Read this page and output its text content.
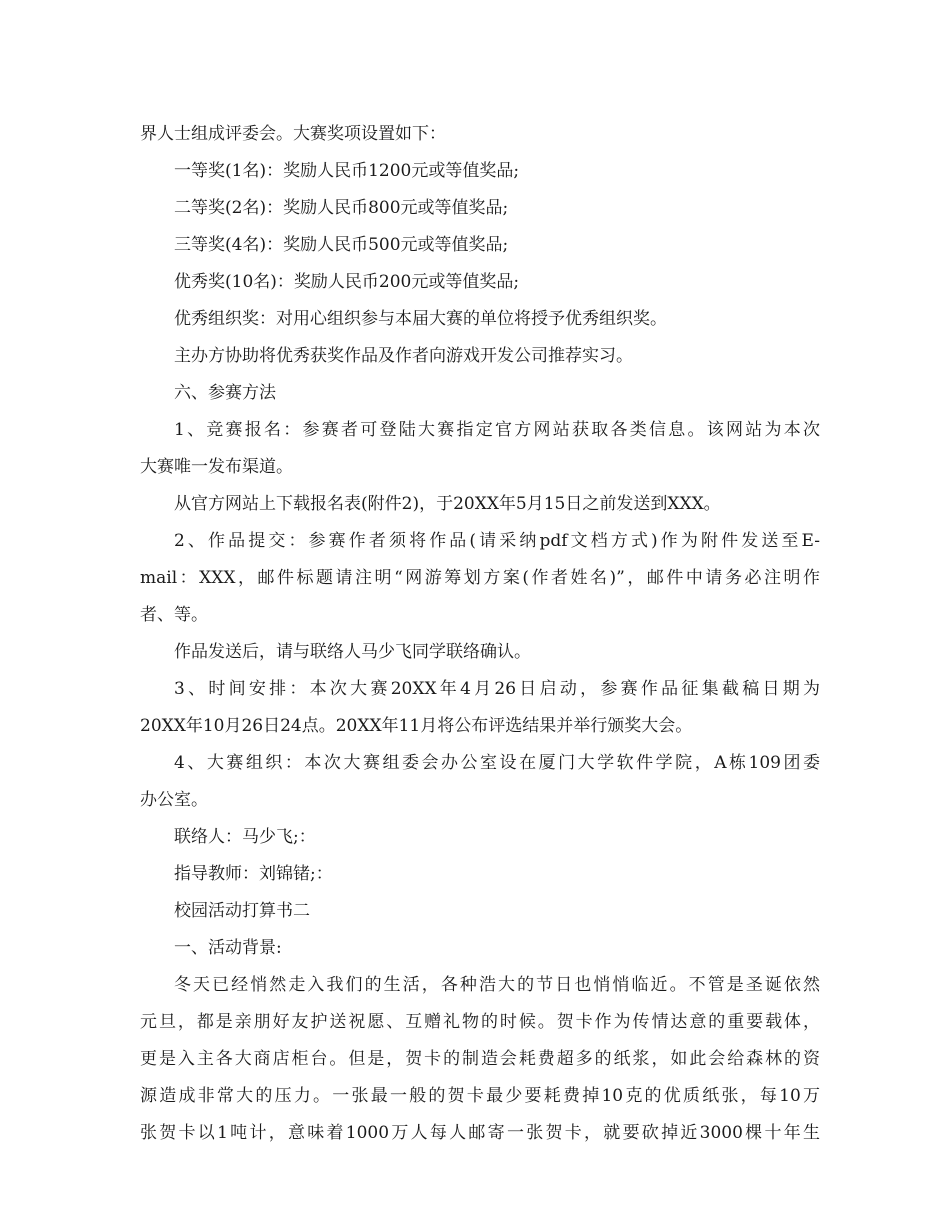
界人士组成评委会。大赛奖项设置如下：
一等奖(1名)：奖励人民币1200元或等值奖品;
二等奖(2名)：奖励人民币800元或等值奖品;
三等奖(4名)：奖励人民币500元或等值奖品;
优秀奖(10名)：奖励人民币200元或等值奖品;
优秀组织奖：对用心组织参与本届大赛的单位将授予优秀组织奖。
主办方协助将优秀获奖作品及作者向游戏开发公司推荐实习。
六、参赛方法
1、竞赛报名：参赛者可登陆大赛指定官方网站获取各类信息。该网站为本次
大赛唯一发布渠道。
从官方网站上下载报名表(附件2)，于20XX年5月15日之前发送到XXX。
2、作品提交：参赛作者须将作品(请采纳pdf文档方式)作为附件发送至E-
mail：XXX，邮件标题请注明“网游筹划方案(作者姓名)”，邮件中请务必注明作
者、等。
作品发送后，请与联络人马少飞同学联络确认。
3、时间安排：本次大赛20XX年4月26日启动，参赛作品征集截稿日期为
20XX年10月26日24点。20XX年11月将公布评选结果并举行颁奖大会。
4、大赛组织：本次大赛组委会办公室设在厦门大学软件学院，A栋109团委
办公室。
联络人：马少飞;：
指导教师：刘锦锗;：
校园活动打算书二
一、活动背景:
冬天已经悄然走入我们的生活，各种浩大的节日也悄悄临近。不管是圣诞依然
元旦，都是亲朋好友护送祝愿、互赠礼物的时候。贺卡作为传情达意的重要载体，
更是入主各大商店柜台。但是，贺卡的制造会耗费超多的纸浆，如此会给森林的资
源造成非常大的压力。一张最一般的贺卡最少要耗费掉10克的优质纸张，每10万
张贺卡以1吨计，意味着1000万人每人邮寄一张贺卡，就要砍掉近3000棵十年生
